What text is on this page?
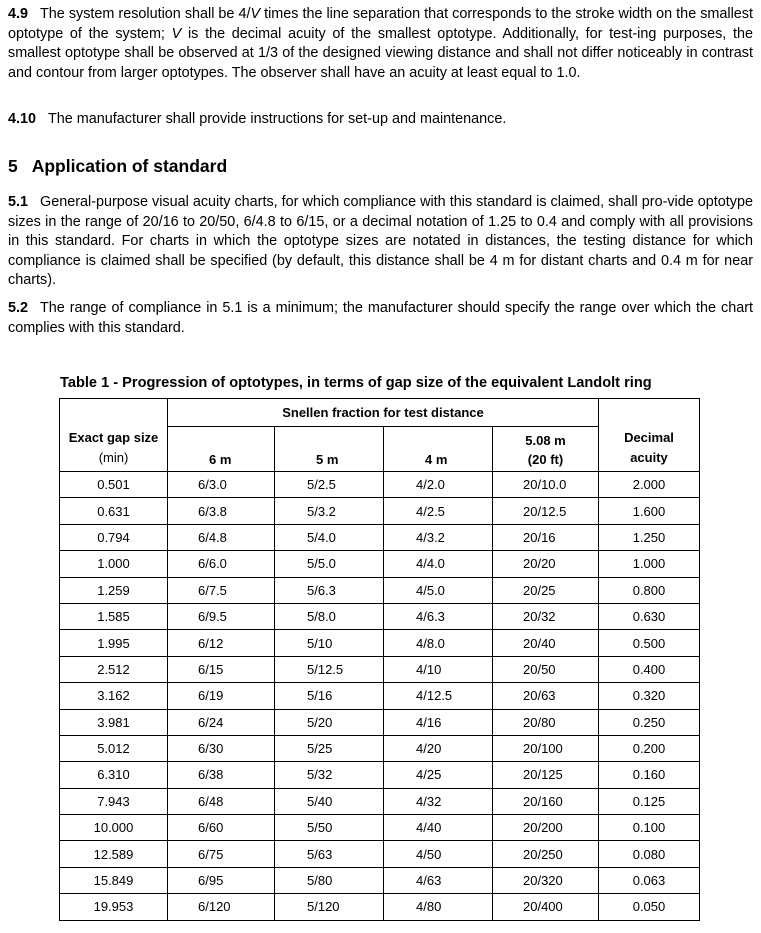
4.9 The system resolution shall be 4/V times the line separation that corresponds to the stroke width on the smallest optotype of the system; V is the decimal acuity of the smallest optotype. Additionally, for test-ing purposes, the smallest optotype shall be observed at 1/3 of the designed viewing distance and shall not differ noticeably in contrast and contour from larger optotypes. The observer shall have an acuity at least equal to 1.0.

4.10 The manufacturer shall provide instructions for set-up and maintenance.

5 Application of standard

5.1 General-purpose visual acuity charts, for which compliance with this standard is claimed, shall pro-vide optotype sizes in the range of 20/16 to 20/50, 6/4.8 to 6/15, or a decimal notation of 1.25 to 0.4 and comply with all provisions in this standard. For charts in which the optotype sizes are notated in distances, the testing distance for which compliance is claimed shall be specified (by default, this distance shall be 4 m for distant charts and 0.4 m for near charts).

5.2 The range of compliance in 5.1 is a minimum; the manufacturer should specify the range over which the chart complies with this standard.

Table 1 - Progression of optotypes, in terms of gap size of the equivalent Landolt ring

Exact gap size
(min)	Snellen fraction for test distance				Decimal
acuity
	6 m	5 m	4 m	5.08 m
(20 ft)	
0.501	6/3.0	5/2.5	4/2.0	20/10.0	2.000
0.631	6/3.8	5/3.2	4/2.5	20/12.5	1.600
0.794	6/4.8	5/4.0	4/3.2	20/16	1.250
1.000	6/6.0	5/5.0	4/4.0	20/20	1.000
1.259	6/7.5	5/6.3	4/5.0	20/25	0.800
1.585	6/9.5	5/8.0	4/6.3	20/32	0.630
1.995	6/12	5/10	4/8.0	20/40	0.500
2.512	6/15	5/12.5	4/10	20/50	0.400
3.162	6/19	5/16	4/12.5	20/63	0.320
3.981	6/24	5/20	4/16	20/80	0.250
5.012	6/30	5/25	4/20	20/100	0.200
6.310	6/38	5/32	4/25	20/125	0.160
7.943	6/48	5/40	4/32	20/160	0.125
10.000	6/60	5/50	4/40	20/200	0.100
12.589	6/75	5/63	4/50	20/250	0.080
15.849	6/95	5/80	4/63	20/320	0.063
19.953	6/120	5/120	4/80	20/400	0.050
